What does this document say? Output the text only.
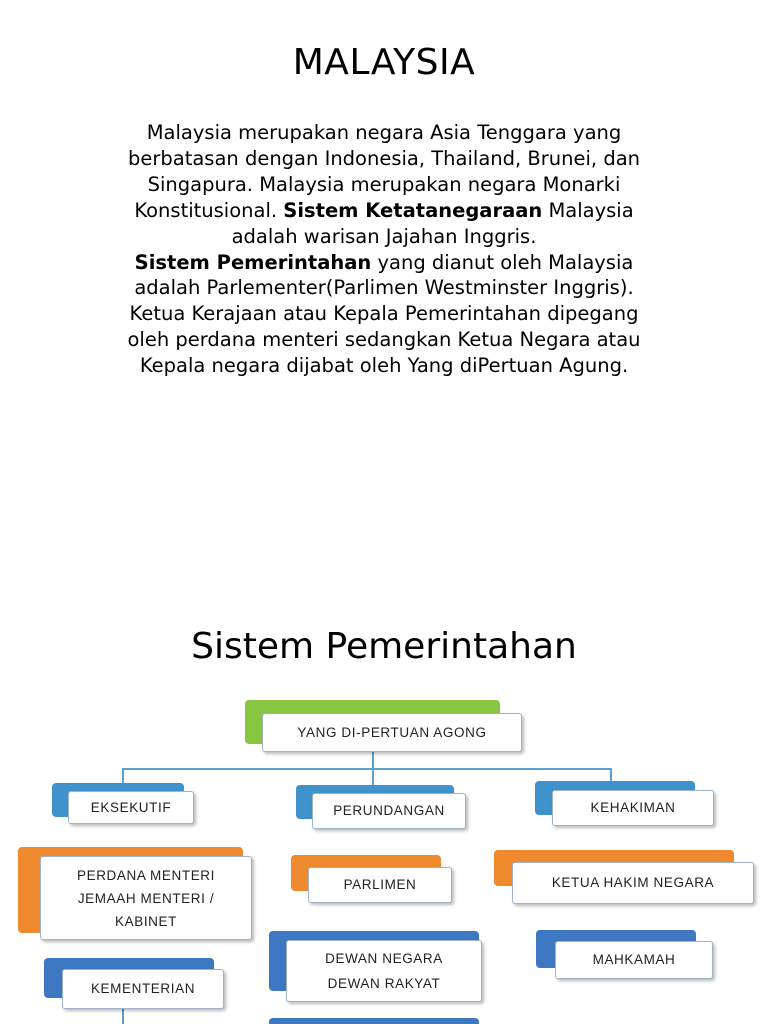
MALAYSIA
Malaysia merupakan negara Asia Tenggara yang berbatasan dengan Indonesia, Thailand, Brunei, dan Singapura. Malaysia merupakan negara Monarki Konstitusional. Sistem Ketatanegaraan Malaysia adalah warisan Jajahan Inggris.
Sistem Pemerintahan yang dianut oleh Malaysia adalah Parlementer(Parlimen Westminster Inggris). Ketua Kerajaan atau Kepala Pemerintahan dipegang oleh perdana menteri sedangkan Ketua Negara atau Kepala negara dijabat oleh Yang diPertuan Agung.
Sistem Pemerintahan
YANG DI-PERTUAN AGONG
EKSEKUTIF
PERDANA MENTERI
JEMAAH MENTERI /
KABINET
KEMENTERIAN
PERUNDANGAN
PARLIMEN
DEWAN NEGARA
DEWAN RAKYAT
KEHAKIMAN
KETUA HAKIM NEGARA
MAHKAMAH
